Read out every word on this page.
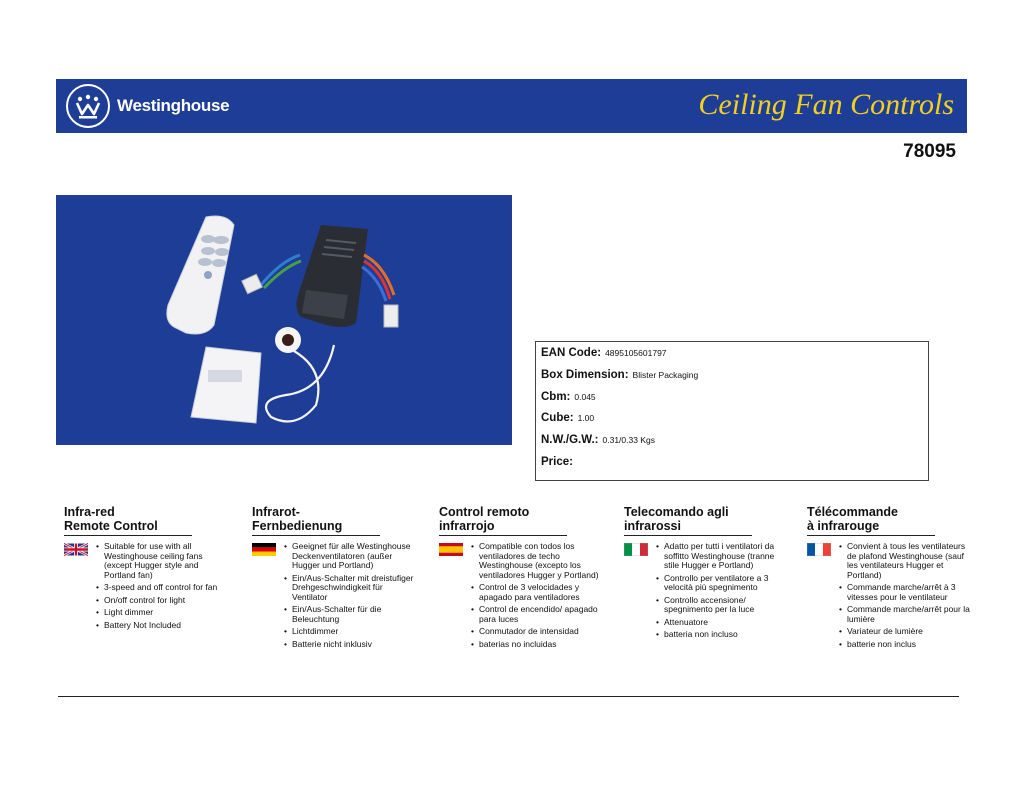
Westinghouse	Ceiling Fan Controls
78095
EAN Code: 4895105601797
Box Dimension: Blister Packaging
Cbm: 0.045
Cube: 1.00
N.W./G.W.: 0.31/0.33 Kgs
Price:
Infra-red
Remote Control
• Suitable for use with all Westinghouse ceiling fans (except Hugger style and Portland fan)
• 3-speed and off control for fan
• On/off control for light
• Light dimmer
• Battery Not Included
Infrarot-
Fernbedienung
• Geeignet für alle Westinghouse Deckenventilatoren (außer Hugger und Portland)
• Ein/Aus-Schalter mit dreistufiger Drehgeschwindigkeit für Ventilator
• Ein/Aus-Schalter für die Beleuchtung
• Lichtdimmer
• Batterie nicht inklusiv
Control remoto
infrarrojo
• Compatible con todos los ventiladores de techo Westinghouse (excepto los ventiladores Hugger y Portland)
• Control de 3 velocidades y apagado para ventiladores
• Control de encendido/ apagado para luces
• Conmutador de intensidad
• baterias no incluidas
Telecomando agli
infrarossi
• Adatto per tutti i ventilatori da soffitto Westinghouse (tranne stile Hugger e Portland)
• Controllo per ventilatore a 3 velocità più spegnimento
• Controllo accensione/ spegnimento per la luce
• Attenuatore
• batteria non incluso
Télécommande
à infrarouge
• Convient à tous les ventilateurs de plafond Westinghouse (sauf les ventilateurs Hugger et Portland)
• Commande marche/arrêt à 3 vitesses pour le ventilateur
• Commande marche/arrêt pour la lumière
• Variateur de lumière
• batterie non inclus
